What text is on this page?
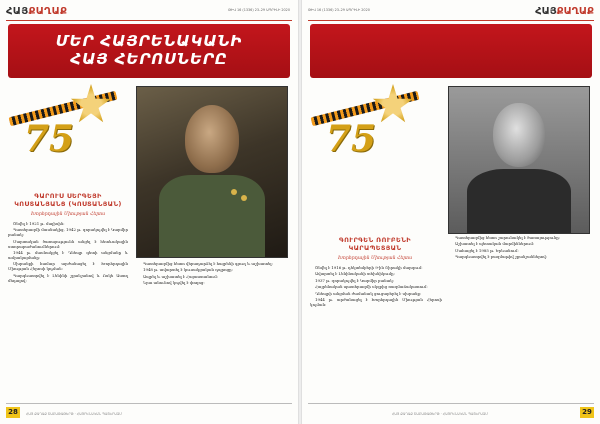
ՀԱՅՔԱՂԱՔ	ԹԻՎ 16 (1336) 23–29 ԱՊՐԻԼԻ 2020
ՄԵՐ ՀԱՅՐԵՆԱԿԱՆԻ
ՀԱՅ ՀԵՐՈՍՆԵՐԸ
75
ԳԱՐՈՒՍ ՍԵՐԳԵՅԻ
ԿՈՍՏԱՆՅԱՆՑ (ԿՈՍՏԱՆՅԱՆ)
Խորհրդային Միության Հերոս

Ծնվել է 1921 թ. մայիսին:

Պատերազմի մասնակից, 1942 թ. զորակոչվել է Կարմիր բանակ:

Մարտական ծառայությունն անցել է հետևակային ստորաբաժանումներում:

1944 թ. մասնակցել է Դնեպր գետի անցմանը և ամրակայմանը:

Սխրանքի համար արժանացել է Խորհրդային Միության Հերոսի կոչման:

Պարգևատրվել է Լենինի շքանշանով և Ոսկե Աստղ մեդալով:

Պատերազմից հետո վերադարձել է հայրենի գյուղ և աշխատել:

1948 թ. ավարտել է կուսակցական դպրոցը:

Ապրել և աշխատել է Հայաստանում:

Նրա անունով կոչվել է փողոց:

28	ՀԱՅ ՔԱՂԱՔ ՇԱԲԱԹԱԹԵՐԹ · ՀԱՅՐԵՆԱԿԱՆ ՊԱՏԵՐԱԶՄ
ԹԻՎ 16 (1336) 23–29 ԱՊՐԻԼԻ 2020	ՀԱՅՔԱՂԱՔ
75
ԳՈՒՐԳԵՆ ՌՈՒԲԵՆԻ
ԿԱՐԱՊԵՏՅԱՆ
Խորհրդային Միության Հերոս

Ծնվել է 1916 թ. դեկտեմբերի 9-ին Շիրակի մարզում:

Ավարտել է Լենինականի տեխնիկումը:

1937 թ. զորակոչվել է Կարմիր բանակ:

Հայրենական պատերազմի սկզբից ռազմաճակատում:

Դնեպրի անցման ժամանակ ցուցաբերել է սխրանք:

1944 թ. արժանացել է Խորհրդային Միության Հերոսի կոչման:

Պատերազմից հետո շարունակել է ծառայությունը:

Աշխատել է պետական մարմիններում:

Մահացել է 1985 թ. Երևանում:

Պարգևատրվել է բազմաթիվ շքանշաններով:

ՀԱՅ ՔԱՂԱՔ ՇԱԲԱԹԱԹԵՐԹ · ՀԱՅՐԵՆԱԿԱՆ ՊԱՏԵՐԱԶՄ	29
